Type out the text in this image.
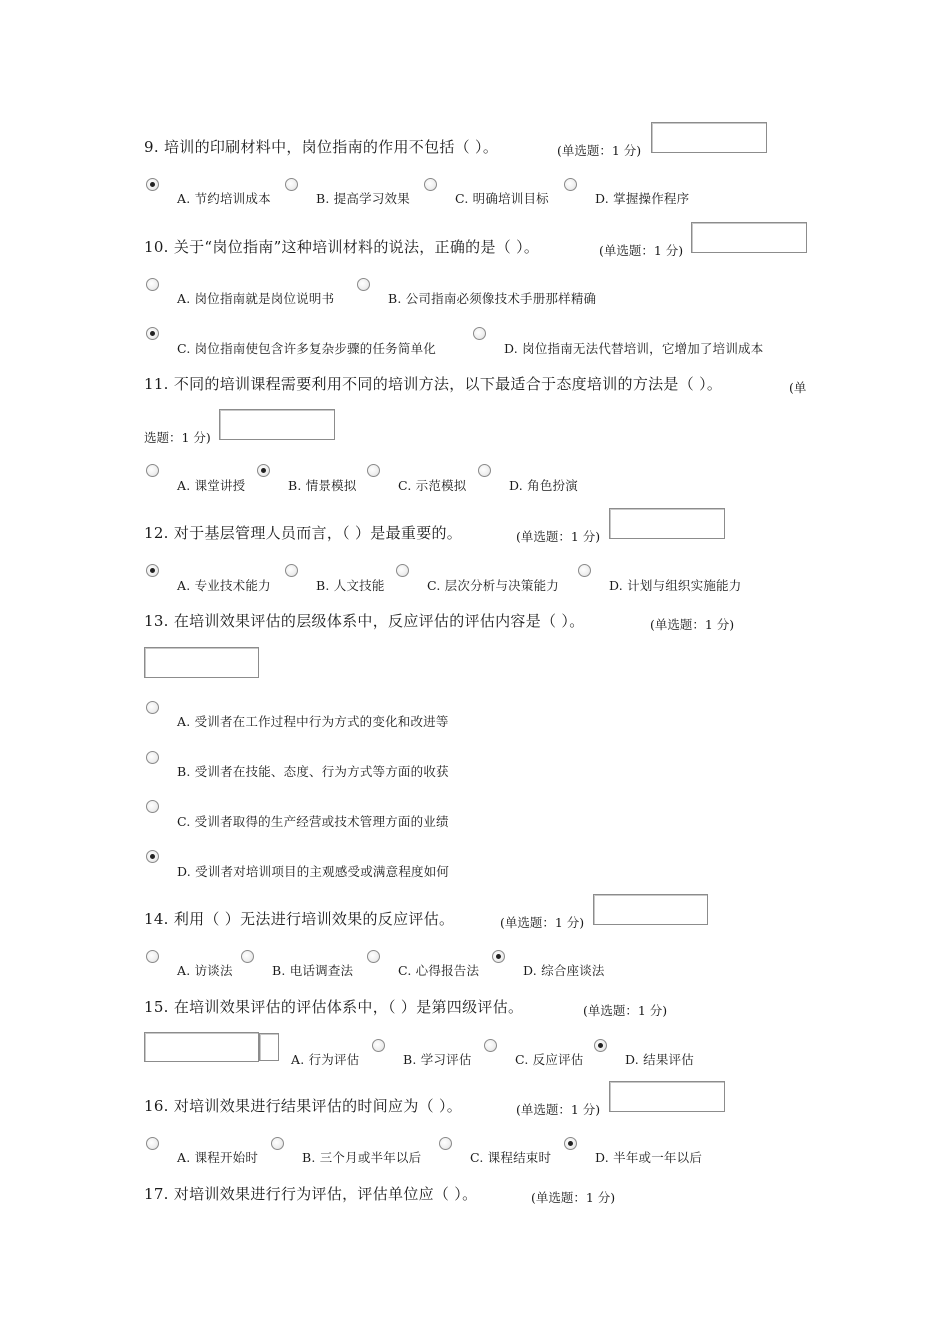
9. 培训的印刷材料中，岗位指南的作用不包括（ ）。	(单选题：1 分)
A. 节约培训成本	B. 提高学习效果	C. 明确培训目标	D. 掌握操作程序
10. 关于“岗位指南”这种培训材料的说法，正确的是（ ）。	(单选题：1 分)
A. 岗位指南就是岗位说明书	B. 公司指南必须像技术手册那样精确
C. 岗位指南使包含许多复杂步骤的任务简单化	D. 岗位指南无法代替培训，它增加了培训成本
11. 不同的培训课程需要利用不同的培训方法，以下最适合于态度培训的方法是（ ）。	(单
选题：1 分)
A. 课堂讲授	B. 情景模拟	C. 示范模拟	D. 角色扮演
12. 对于基层管理人员而言，（ ）是最重要的。	(单选题：1 分)
A. 专业技术能力	B. 人文技能	C. 层次分析与决策能力	D. 计划与组织实施能力
13. 在培训效果评估的层级体系中，反应评估的评估内容是（ ）。	(单选题：1 分)
A. 受训者在工作过程中行为方式的变化和改进等
B. 受训者在技能、态度、行为方式等方面的收获
C. 受训者取得的生产经营或技术管理方面的业绩
D. 受训者对培训项目的主观感受或满意程度如何
14. 利用（ ）无法进行培训效果的反应评估。	(单选题：1 分)
A. 访谈法	B. 电话调查法	C. 心得报告法	D. 综合座谈法
15. 在培训效果评估的评估体系中，（ ）是第四级评估。	(单选题：1 分)
A. 行为评估	B. 学习评估	C. 反应评估	D. 结果评估
16. 对培训效果进行结果评估的时间应为（ ）。	(单选题：1 分)
A. 课程开始时	B. 三个月或半年以后	C. 课程结束时	D. 半年或一年以后
17. 对培训效果进行行为评估，评估单位应（ ）。	(单选题：1 分)
